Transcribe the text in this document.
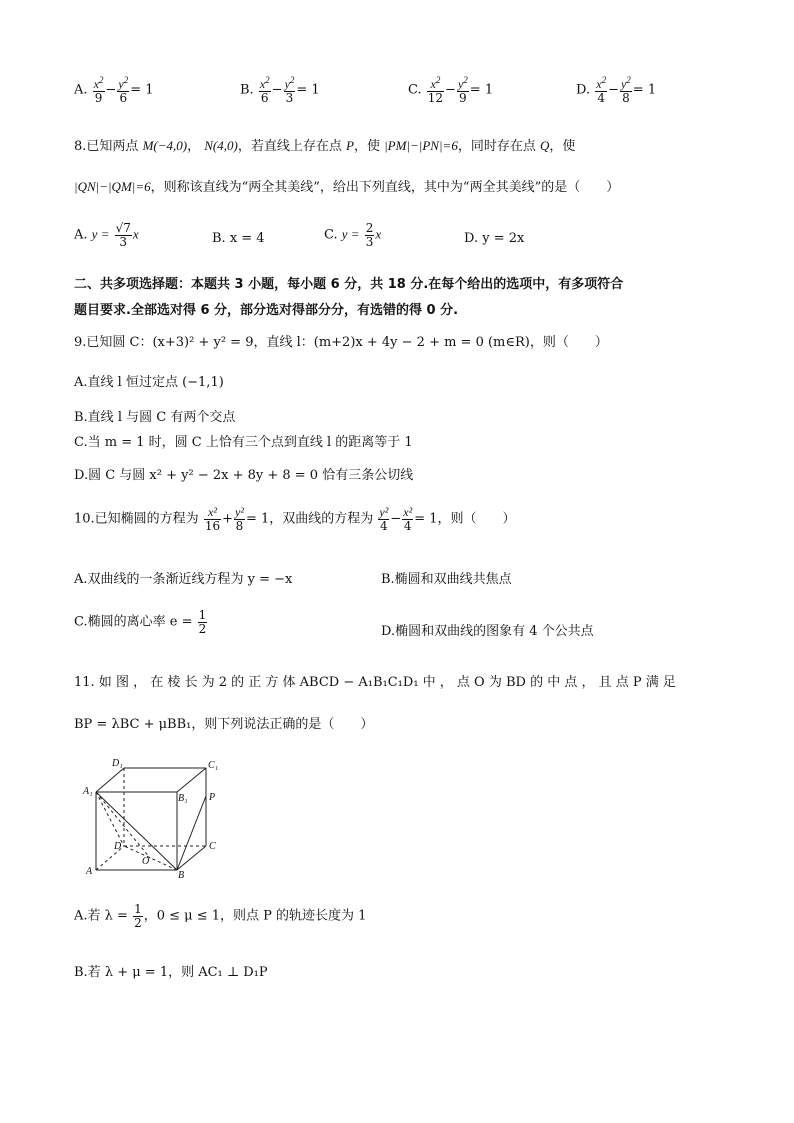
A. $\frac{x^2}{9} - \frac{y^2}{6} = 1$	B. $\frac{x^2}{6} - \frac{y^2}{3} = 1$	C. $\frac{x^2}{12} - \frac{y^2}{9} = 1$	D. $\frac{x^2}{4} - \frac{y^2}{8} = 1$
8.已知两点 M(−4,0)， N(4,0)，若直线上存在点 P，使 |PM|−|PN|=6，同时存在点 Q，使
|QN|−|QM|=6，则称该直线为“两全其美线”，给出下列直线，其中为“两全其美线”的是（　　）
A. $y = \frac{√7}{3}$ x	B. x = 4	C. $y = \frac{2}{3}$ x	D. y = 2x
二、共多项选择题：本题共 3 小题，每小题 6 分，共 18 分.在每个给出的选项中，有多项符合
题目要求.全部选对得 6 分，部分选对得部分分，有选错的得 0 分.
9.已知圆 C：(x+3)² + y² = 9，直线 l：(m+2)x + 4y − 2 + m = 0 (m∈R)，则（　　）
A.直线 l 恒过定点 (−1,1)
B.直线 l 与圆 C 有两个交点
C.当 m = 1 时，圆 C 上恰有三个点到直线 l 的距离等于 1
D.圆 C 与圆 x² + y² − 2x + 8y + 8 = 0 恰有三条公切线
10.已知椭圆的方程为 $\frac{\text{x²}}{16} + \frac{\text{y²}}{8} = 1$，双曲线的方程为 $\frac{\text{y²}}{4} - \frac{\text{x²}}{4} = 1$，则（　　）
A.双曲线的一条渐近线方程为 y = −x	B.椭圆和双曲线共焦点
C.椭圆的离心率 $e = \frac{1}{2}$	D.椭圆和双曲线的图象有 4 个公共点
11. 如 图 ， 在 棱 长 为 2 的 正 方 体 ABCD − A₁B₁C₁D₁ 中 ， 点 O 为 BD 的 中 点 ， 且 点 P 满 足
BP = λBC + μBB₁，则下列说法正确的是（　　）
D₁	C₁
A₁
B₁ P
D	C
O
A	B
A.若 $\lambda = \frac{1}{2}$ ，0 ≤ μ ≤ 1，则点 P 的轨迹长度为 1
B.若 λ + μ = 1，则 AC₁ ⊥ D₁P
